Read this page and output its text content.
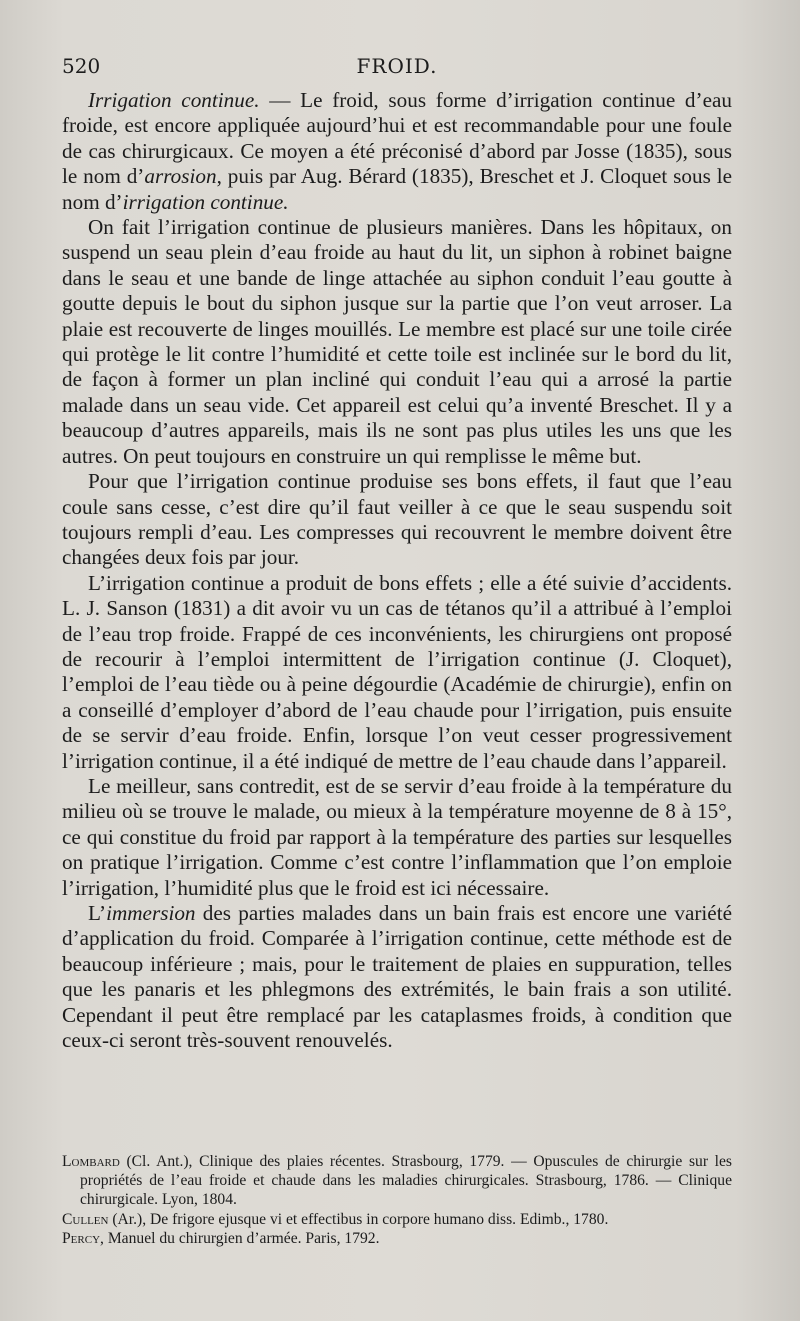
520	FROID.

Irrigation continue. — Le froid, sous forme d’irrigation continue d’eau froide, est encore appliquée aujourd’hui et est recommandable pour une foule de cas chirurgicaux. Ce moyen a été préconisé d’abord par Josse (1835), sous le nom d’arrosion, puis par Aug. Bérard (1835), Breschet et J. Cloquet sous le nom d’irrigation continue.

On fait l’irrigation continue de plusieurs manières. Dans les hôpitaux, on suspend un seau plein d’eau froide au haut du lit, un siphon à robinet baigne dans le seau et une bande de linge attachée au siphon conduit l’eau goutte à goutte depuis le bout du siphon jusque sur la partie que l’on veut arroser. La plaie est recouverte de linges mouillés. Le membre est placé sur une toile cirée qui protège le lit contre l’humidité et cette toile est inclinée sur le bord du lit, de façon à former un plan incliné qui conduit l’eau qui a arrosé la partie malade dans un seau vide. Cet appareil est celui qu’a inventé Breschet. Il y a beaucoup d’autres appareils, mais ils ne sont pas plus utiles les uns que les autres. On peut toujours en construire un qui remplisse le même but.

Pour que l’irrigation continue produise ses bons effets, il faut que l’eau coule sans cesse, c’est dire qu’il faut veiller à ce que le seau suspendu soit toujours rempli d’eau. Les compresses qui recouvrent le membre doivent être changées deux fois par jour.

L’irrigation continue a produit de bons effets ; elle a été suivie d’accidents. L. J. Sanson (1831) a dit avoir vu un cas de tétanos qu’il a attribué à l’emploi de l’eau trop froide. Frappé de ces inconvénients, les chirurgiens ont proposé de recourir à l’emploi intermittent de l’irrigation continue (J. Cloquet), l’emploi de l’eau tiède ou à peine dégourdie (Académie de chirurgie), enfin on a conseillé d’employer d’abord de l’eau chaude pour l’irrigation, puis ensuite de se servir d’eau froide. Enfin, lorsque l’on veut cesser progressivement l’irrigation continue, il a été indiqué de mettre de l’eau chaude dans l’appareil.

Le meilleur, sans contredit, est de se servir d’eau froide à la température du milieu où se trouve le malade, ou mieux à la température moyenne de 8 à 15°, ce qui constitue du froid par rapport à la température des parties sur lesquelles on pratique l’irrigation. Comme c’est contre l’inflammation que l’on emploie l’irrigation, l’humidité plus que le froid est ici nécessaire.

L’immersion des parties malades dans un bain frais est encore une variété d’application du froid. Comparée à l’irrigation continue, cette méthode est de beaucoup inférieure ; mais, pour le traitement de plaies en suppuration, telles que les panaris et les phlegmons des extrémités, le bain frais a son utilité. Cependant il peut être remplacé par les cataplasmes froids, à condition que ceux-ci seront très-souvent renouvelés.

Lombard (Cl. Ant.), Clinique des plaies récentes. Strasbourg, 1779. — Opuscules de chirurgie sur les propriétés de l’eau froide et chaude dans les maladies chirurgicales. Strasbourg, 1786. — Clinique chirurgicale. Lyon, 1804.

Cullen (Ar.), De frigore ejusque vi et effectibus in corpore humano diss. Edimb., 1780.

Percy, Manuel du chirurgien d’armée. Paris, 1792.
